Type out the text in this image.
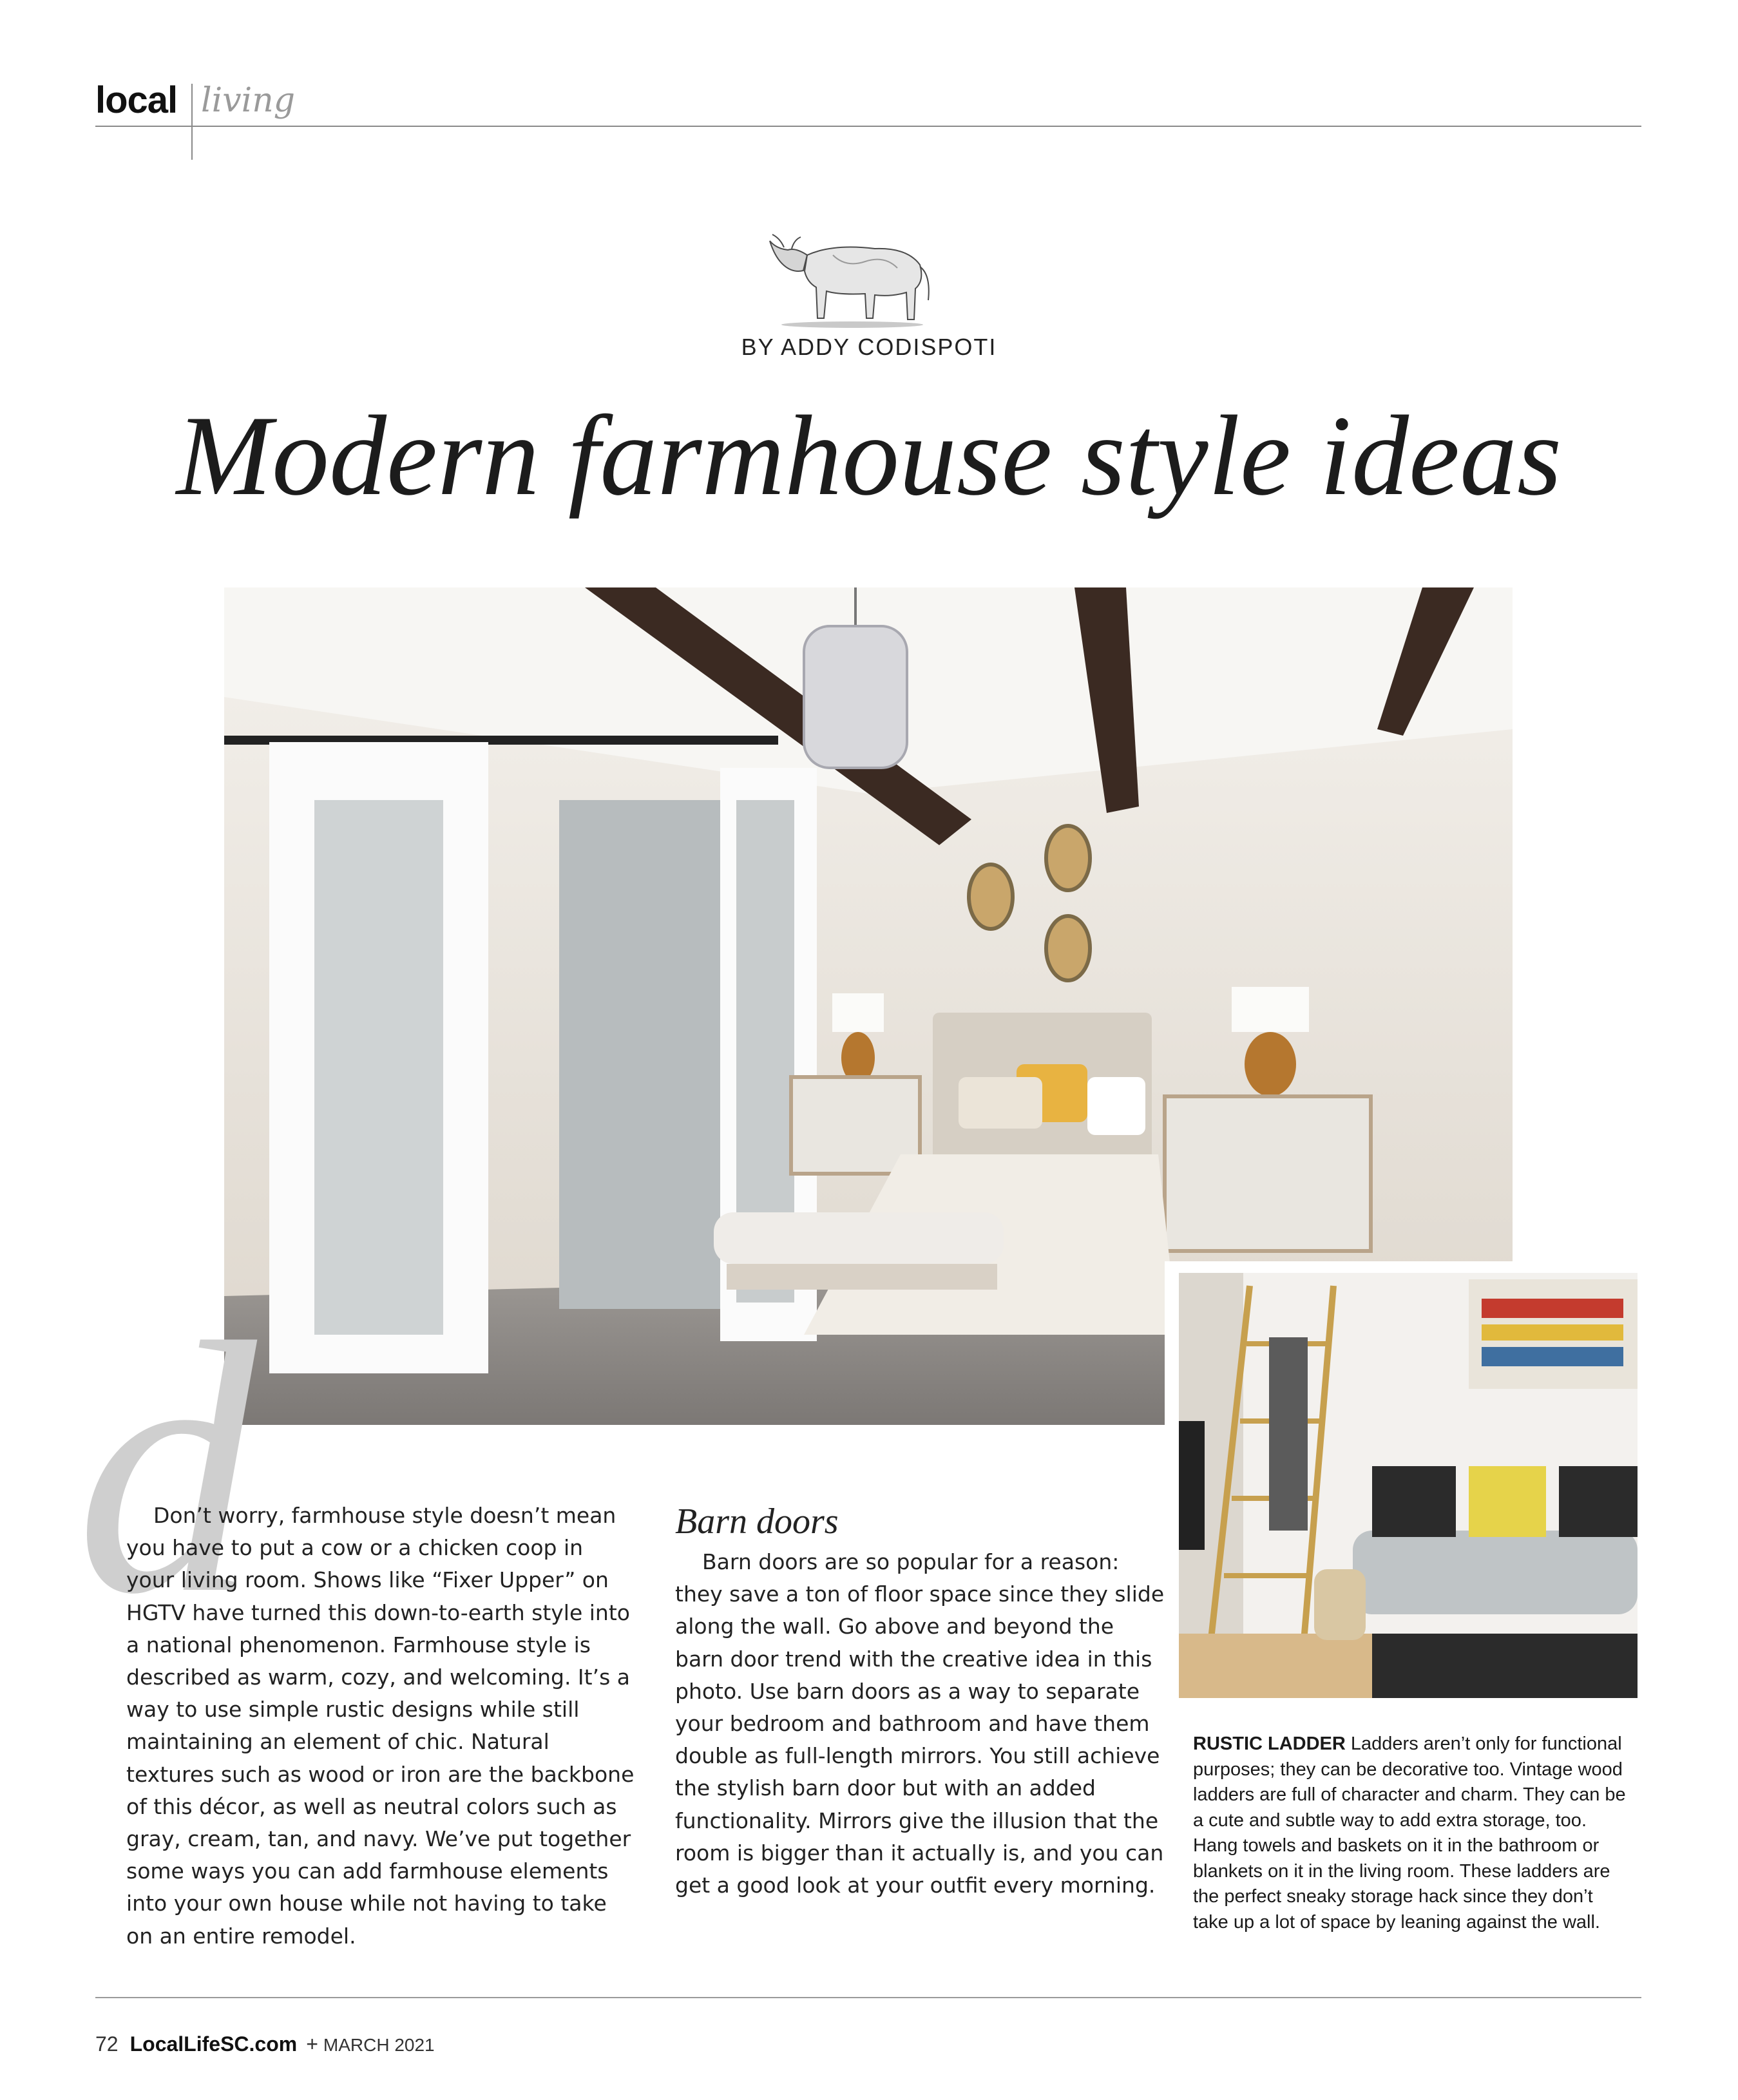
local living
BY ADDY CODISPOTI
Modern farmhouse style ideas
d

Don’t worry, farmhouse style doesn’t mean you have to put a cow or a chicken coop in your living room. Shows like “Fixer Upper” on HGTV have turned this down-to-earth style into a national phenomenon. Farmhouse style is described as warm, cozy, and welcoming. It’s a way to use simple rustic designs while still maintaining an element of chic. Natural textures such as wood or iron are the backbone of this décor, as well as neutral colors such as gray, cream, tan, and navy. We’ve put together some ways you can add farmhouse elements into your own house while not having to take on an entire remodel.

Barn doors

Barn doors are so popular for a reason: they save a ton of floor space since they slide along the wall. Go above and beyond the barn door trend with the creative idea in this photo. Use barn doors as a way to separate your bedroom and bathroom and have them double as full-length mirrors. You still achieve the stylish barn door but with an added functionality. Mirrors give the illusion that the room is bigger than it actually is, and you can get a good look at your outfit every morning.

RUSTIC LADDER Ladders aren’t only for functional purposes; they can be decorative too. Vintage wood ladders are full of character and charm. They can be a cute and subtle way to add extra storage, too. Hang towels and baskets on it in the bathroom or blankets on it in the living room. These ladders are the perfect sneaky storage hack since they don’t take up a lot of space by leaning against the wall.
72 LocalLifeSC.com + MARCH 2021
